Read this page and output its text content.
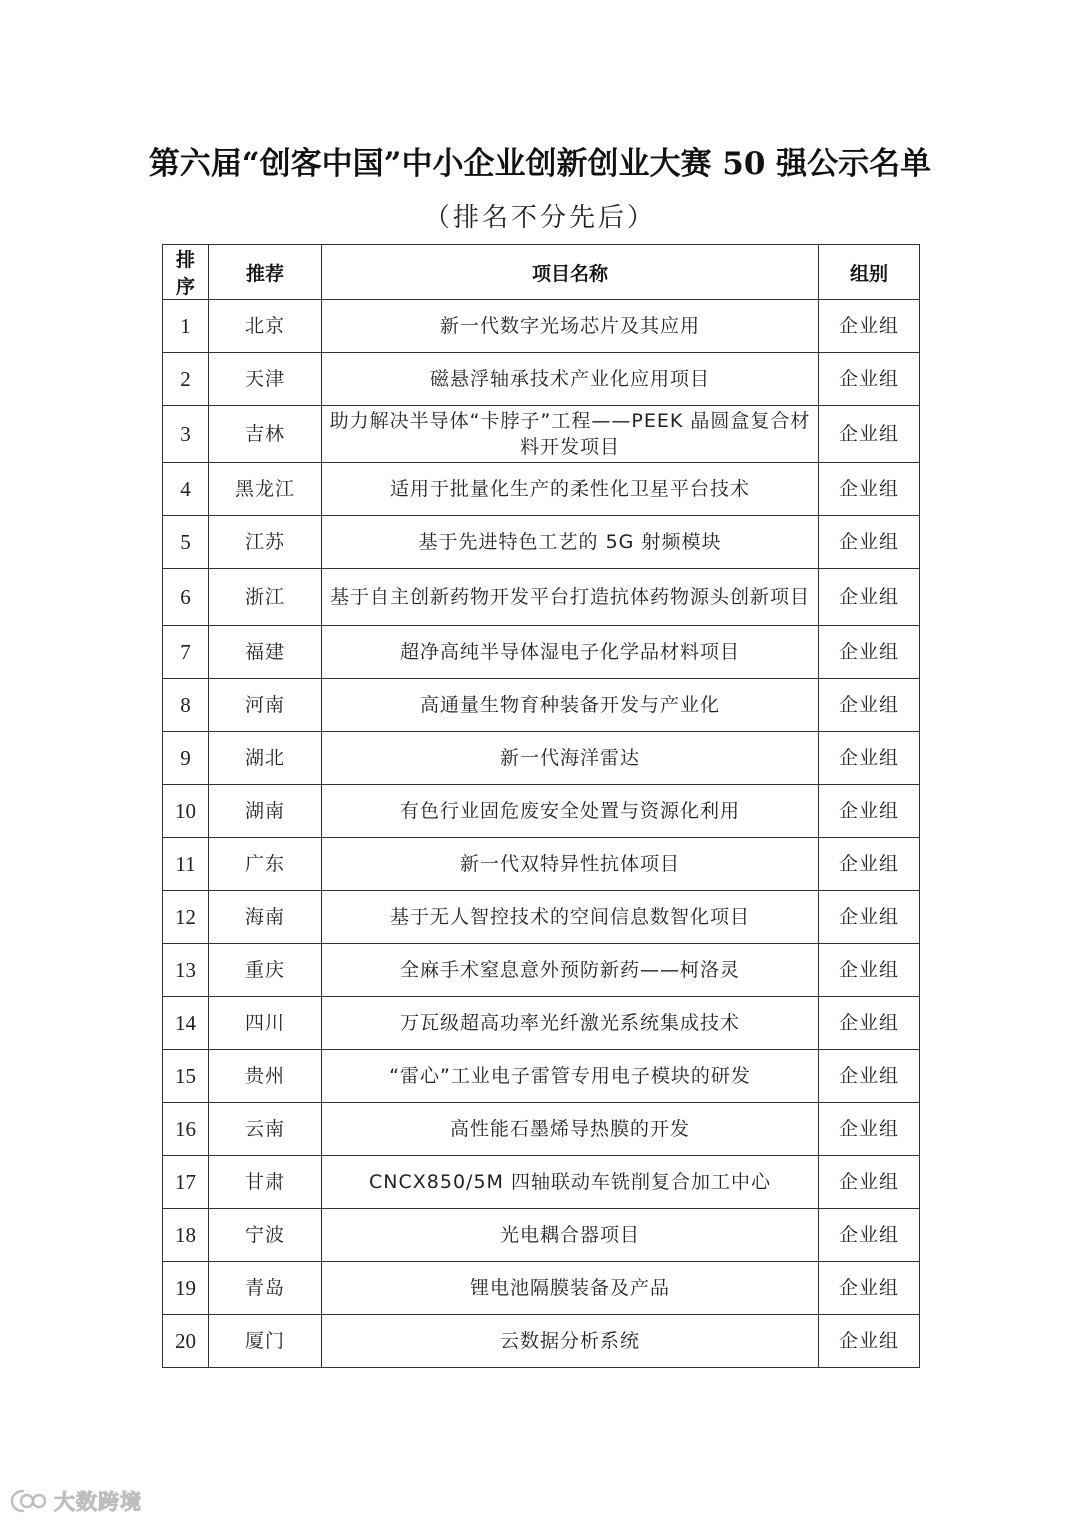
第六届“创客中国”中小企业创新创业大赛 50 强公示名单
（排名不分先后）
排序	推荐	项目名称	组别
1	北京	新一代数字光场芯片及其应用	企业组
2	天津	磁悬浮轴承技术产业化应用项目	企业组
3	吉林	助力解决半导体“卡脖子”工程——PEEK 晶圆盒复合材料开发项目	企业组
4	黑龙江	适用于批量化生产的柔性化卫星平台技术	企业组
5	江苏	基于先进特色工艺的 5G 射频模块	企业组
6	浙江	基于自主创新药物开发平台打造抗体药物源头创新项目	企业组
7	福建	超净高纯半导体湿电子化学品材料项目	企业组
8	河南	高通量生物育种装备开发与产业化	企业组
9	湖北	新一代海洋雷达	企业组
10	湖南	有色行业固危废安全处置与资源化利用	企业组
11	广东	新一代双特异性抗体项目	企业组
12	海南	基于无人智控技术的空间信息数智化项目	企业组
13	重庆	全麻手术窒息意外预防新药——柯洛灵	企业组
14	四川	万瓦级超高功率光纤激光系统集成技术	企业组
15	贵州	“雷心”工业电子雷管专用电子模块的研发	企业组
16	云南	高性能石墨烯导热膜的开发	企业组
17	甘肃	CNCX850/5M 四轴联动车铣削复合加工中心	企业组
18	宁波	光电耦合器项目	企业组
19	青岛	锂电池隔膜装备及产品	企业组
20	厦门	云数据分析系统	企业组
大数跨境
